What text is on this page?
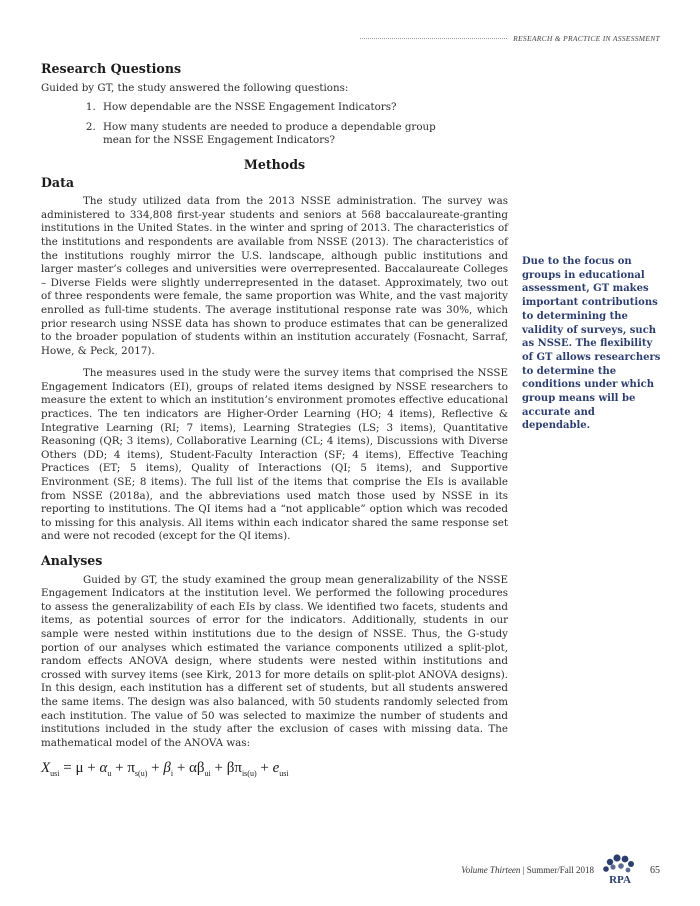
RESEARCH & PRACTICE IN ASSESSMENT
Research Questions

Guided by GT, the study answered the following questions:

1. How dependable are the NSSE Engagement Indicators?
2. How many students are needed to produce a dependable group mean for the NSSE Engagement Indicators?
Methods
Data

The study utilized data from the 2013 NSSE administration. The survey was administered to 334,808 first-year students and seniors at 568 baccalaureate-granting institutions in the United States. in the winter and spring of 2013. The characteristics of the institutions and respondents are available from NSSE (2013). The characteristics of the institutions roughly mirror the U.S. landscape, although public institutions and larger master’s colleges and universities were overrepresented. Baccalaureate Colleges – Diverse Fields were slightly underrepresented in the dataset. Approximately, two out of three respondents were female, the same proportion was White, and the vast majority enrolled as full-time students. The average institutional response rate was 30%, which prior research using NSSE data has shown to produce estimates that can be generalized to the broader population of students within an institution accurately (Fosnacht, Sarraf, Howe, & Peck, 2017).

The measures used in the study were the survey items that comprised the NSSE Engagement Indicators (EI), groups of related items designed by NSSE researchers to measure the extent to which an institution’s environment promotes effective educational practices. The ten indicators are Higher-Order Learning (HO; 4 items), Reflective & Integrative Learning (RI; 7 items), Learning Strategies (LS; 3 items), Quantitative Reasoning (QR; 3 items), Collaborative Learning (CL; 4 items), Discussions with Diverse Others (DD; 4 items), Student-Faculty Interaction (SF; 4 items), Effective Teaching Practices (ET; 5 items), Quality of Interactions (QI; 5 items), and Supportive Environment (SE; 8 items). The full list of the items that comprise the EIs is available from NSSE (2018a), and the abbreviations used match those used by NSSE in its reporting to institutions. The QI items had a “not applicable” option which was recoded to missing for this analysis. All items within each indicator shared the same response set and were not recoded (except for the QI items).

Analyses

Guided by GT, the study examined the group mean generalizability of the NSSE Engagement Indicators at the institution level. We performed the following procedures to assess the generalizability of each EIs by class. We identified two facets, students and items, as potential sources of error for the indicators. Additionally, students in our sample were nested within institutions due to the design of NSSE. Thus, the G-study portion of our analyses which estimated the variance components utilized a split-plot, random effects ANOVA design, where students were nested within institutions and crossed with survey items (see Kirk, 2013 for more details on split-plot ANOVA designs). In this design, each institution has a different set of students, but all students answered the same items. The design was also balanced, with 50 students randomly selected from each institution. The value of 50 was selected to maximize the number of students and institutions included in the study after the exclusion of cases with missing data. The mathematical model of the ANOVA was:

Due to the focus on groups in educational assessment, GT makes important contributions to determining the validity of surveys, such as NSSE. The flexibility of GT allows researchers to determine the conditions under which group means will be accurate and dependable.
$X_{usi} = \mu + \alpha_u + \pi_{s(u)} + \beta_i + \alpha\beta_{ui} + \beta\pi_{is(u)} + e_{usi}$
Volume Thirteen | Summer/Fall 2018
RPA
65
